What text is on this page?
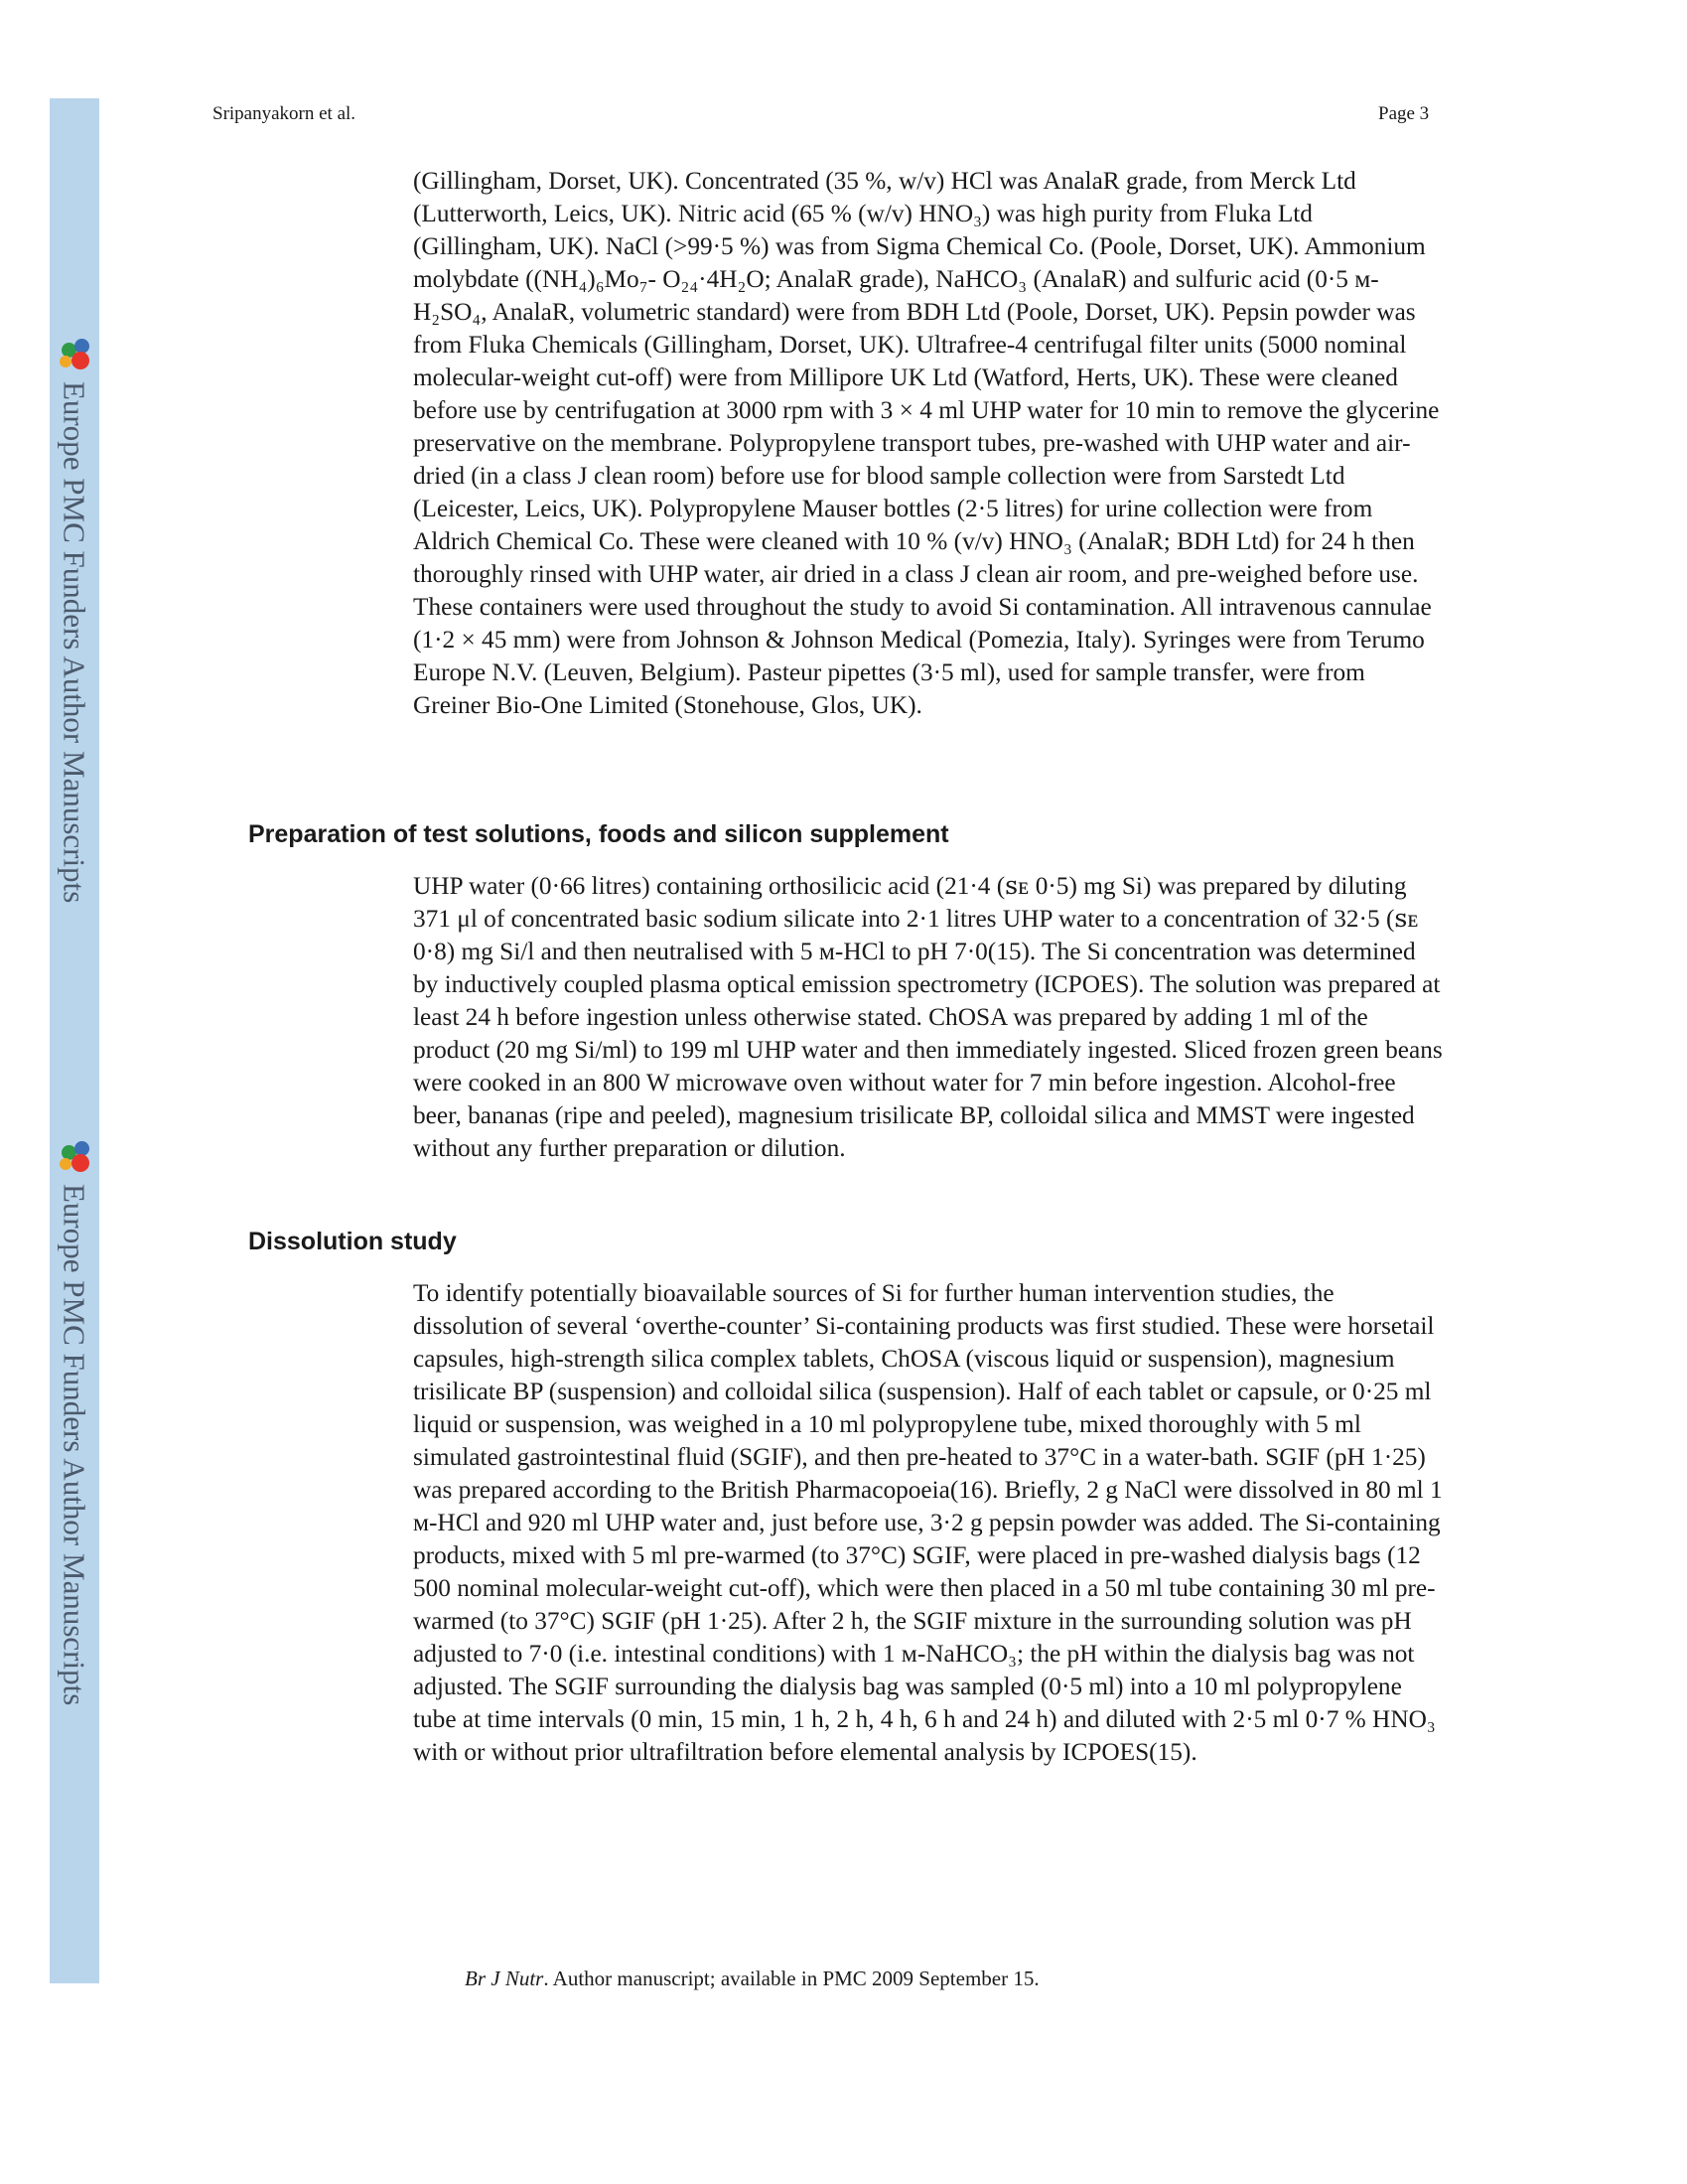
Europe PMC Funders Author Manuscripts
Europe PMC Funders Author Manuscripts
Sripanyakorn et al.	Page 3

(Gillingham, Dorset, UK). Concentrated (35 %, w/v) HCl was AnalaR grade, from Merck Ltd (Lutterworth, Leics, UK). Nitric acid (65 % (w/v) HNO₃) was high purity from Fluka Ltd (Gillingham, UK). NaCl (>99·5 %) was from Sigma Chemical Co. (Poole, Dorset, UK). Ammonium molybdate ((NH₄)₆Mo₇- O₂₄·4H₂O; AnalaR grade), NaHCO₃ (AnalaR) and sulfuric acid (0·5 ᴍ-H₂SO₄, AnalaR, volumetric standard) were from BDH Ltd (Poole, Dorset, UK). Pepsin powder was from Fluka Chemicals (Gillingham, Dorset, UK). Ultrafree-4 centrifugal filter units (5000 nominal molecular-weight cut-off) were from Millipore UK Ltd (Watford, Herts, UK). These were cleaned before use by centrifugation at 3000 rpm with 3 × 4 ml UHP water for 10 min to remove the glycerine preservative on the membrane. Polypropylene transport tubes, pre-washed with UHP water and air-dried (in a class J clean room) before use for blood sample collection were from Sarstedt Ltd (Leicester, Leics, UK). Polypropylene Mauser bottles (2·5 litres) for urine collection were from Aldrich Chemical Co. These were cleaned with 10 % (v/v) HNO₃ (AnalaR; BDH Ltd) for 24 h then thoroughly rinsed with UHP water, air dried in a class J clean air room, and pre-weighed before use. These containers were used throughout the study to avoid Si contamination. All intravenous cannulae (1·2 × 45 mm) were from Johnson & Johnson Medical (Pomezia, Italy). Syringes were from Terumo Europe N.V. (Leuven, Belgium). Pasteur pipettes (3·5 ml), used for sample transfer, were from Greiner Bio-One Limited (Stonehouse, Glos, UK).

Preparation of test solutions, foods and silicon supplement

UHP water (0·66 litres) containing orthosilicic acid (21·4 (ꜱᴇ 0·5) mg Si) was prepared by diluting 371 μl of concentrated basic sodium silicate into 2·1 litres UHP water to a concentration of 32·5 (ꜱᴇ 0·8) mg Si/l and then neutralised with 5 ᴍ-HCl to pH 7·0(15). The Si concentration was determined by inductively coupled plasma optical emission spectrometry (ICPOES). The solution was prepared at least 24 h before ingestion unless otherwise stated. ChOSA was prepared by adding 1 ml of the product (20 mg Si/ml) to 199 ml UHP water and then immediately ingested. Sliced frozen green beans were cooked in an 800 W microwave oven without water for 7 min before ingestion. Alcohol-free beer, bananas (ripe and peeled), magnesium trisilicate BP, colloidal silica and MMST were ingested without any further preparation or dilution.

Dissolution study

To identify potentially bioavailable sources of Si for further human intervention studies, the dissolution of several ‘overthe-counter’ Si-containing products was first studied. These were horsetail capsules, high-strength silica complex tablets, ChOSA (viscous liquid or suspension), magnesium trisilicate BP (suspension) and colloidal silica (suspension). Half of each tablet or capsule, or 0·25 ml liquid or suspension, was weighed in a 10 ml polypropylene tube, mixed thoroughly with 5 ml simulated gastrointestinal fluid (SGIF), and then pre-heated to 37°C in a water-bath. SGIF (pH 1·25) was prepared according to the British Pharmacopoeia(16). Briefly, 2 g NaCl were dissolved in 80 ml 1 ᴍ-HCl and 920 ml UHP water and, just before use, 3·2 g pepsin powder was added. The Si-containing products, mixed with 5 ml pre-warmed (to 37°C) SGIF, were placed in pre-washed dialysis bags (12 500 nominal molecular-weight cut-off), which were then placed in a 50 ml tube containing 30 ml pre-warmed (to 37°C) SGIF (pH 1·25). After 2 h, the SGIF mixture in the surrounding solution was pH adjusted to 7·0 (i.e. intestinal conditions) with 1 ᴍ-NaHCO₃; the pH within the dialysis bag was not adjusted. The SGIF surrounding the dialysis bag was sampled (0·5 ml) into a 10 ml polypropylene tube at time intervals (0 min, 15 min, 1 h, 2 h, 4 h, 6 h and 24 h) and diluted with 2·5 ml 0·7 % HNO₃ with or without prior ultrafiltration before elemental analysis by ICPOES(15).

Br J Nutr. Author manuscript; available in PMC 2009 September 15.
